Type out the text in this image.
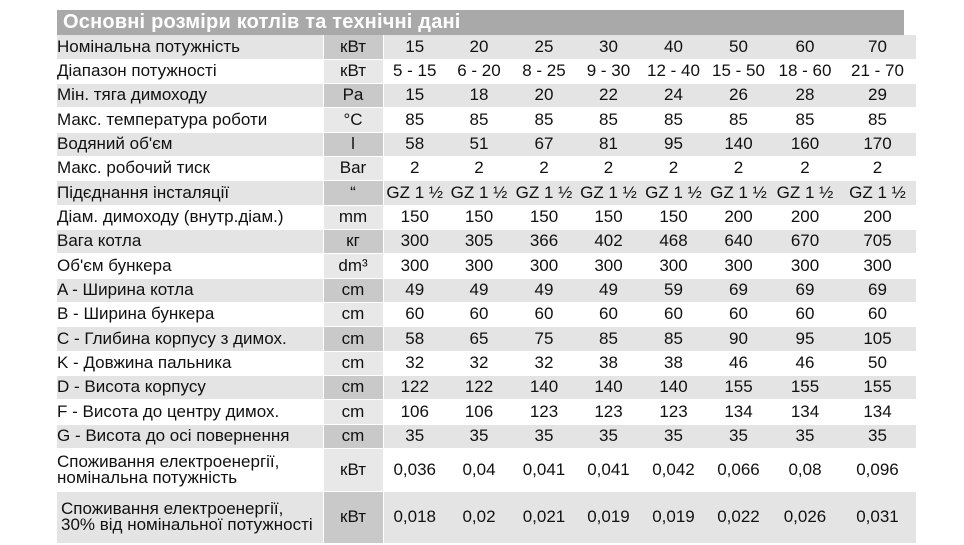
Основні розміри котлів та технічні дані
Номінальна потужність	кВт	15	20	25	30	40	50	60	70
Діапазон потужності	кВт	5 - 15	6 - 20	8 - 25	9 - 30	12 - 40	15 - 50	18 - 60	21 - 70
Мін. тяга димоходу	Pa	15	18	20	22	24	26	28	29
Макс. температура роботи	°C	85	85	85	85	85	85	85	85
Водяний об'єм	l	58	51	67	81	95	140	160	170
Макс. робочий тиск	Bar	2	2	2	2	2	2	2	2
Підєднання інсталяції	“	GZ 1 ½	GZ 1 ½	GZ 1 ½	GZ 1 ½	GZ 1 ½	GZ 1 ½	GZ 1 ½	GZ 1 ½
Діам. димоходу (внутр.діам.)	mm	150	150	150	150	150	200	200	200
Вага котла	кг	300	305	366	402	468	640	670	705
Об'єм бункера	dm³	300	300	300	300	300	300	300	300
A - Ширина котла	cm	49	49	49	49	59	69	69	69
B - Ширина бункера	cm	60	60	60	60	60	60	60	60
C - Глибина корпусу з димох.	cm	58	65	75	85	85	90	95	105
K - Довжина пальника	cm	32	32	32	38	38	46	46	50
D - Висота корпусу	cm	122	122	140	140	140	155	155	155
F - Висота до центру димох.	cm	106	106	123	123	123	134	134	134
G - Висота до осі повернення	cm	35	35	35	35	35	35	35	35

Споживання електроенергії,
номінальна потужність	кВт	0,036	0,04	0,041	0,041	0,042	0,066	0,08	0,096

Споживання електроенергії,
30% від номінальної потужності	кВт	0,018	0,02	0,021	0,019	0,019	0,022	0,026	0,031
